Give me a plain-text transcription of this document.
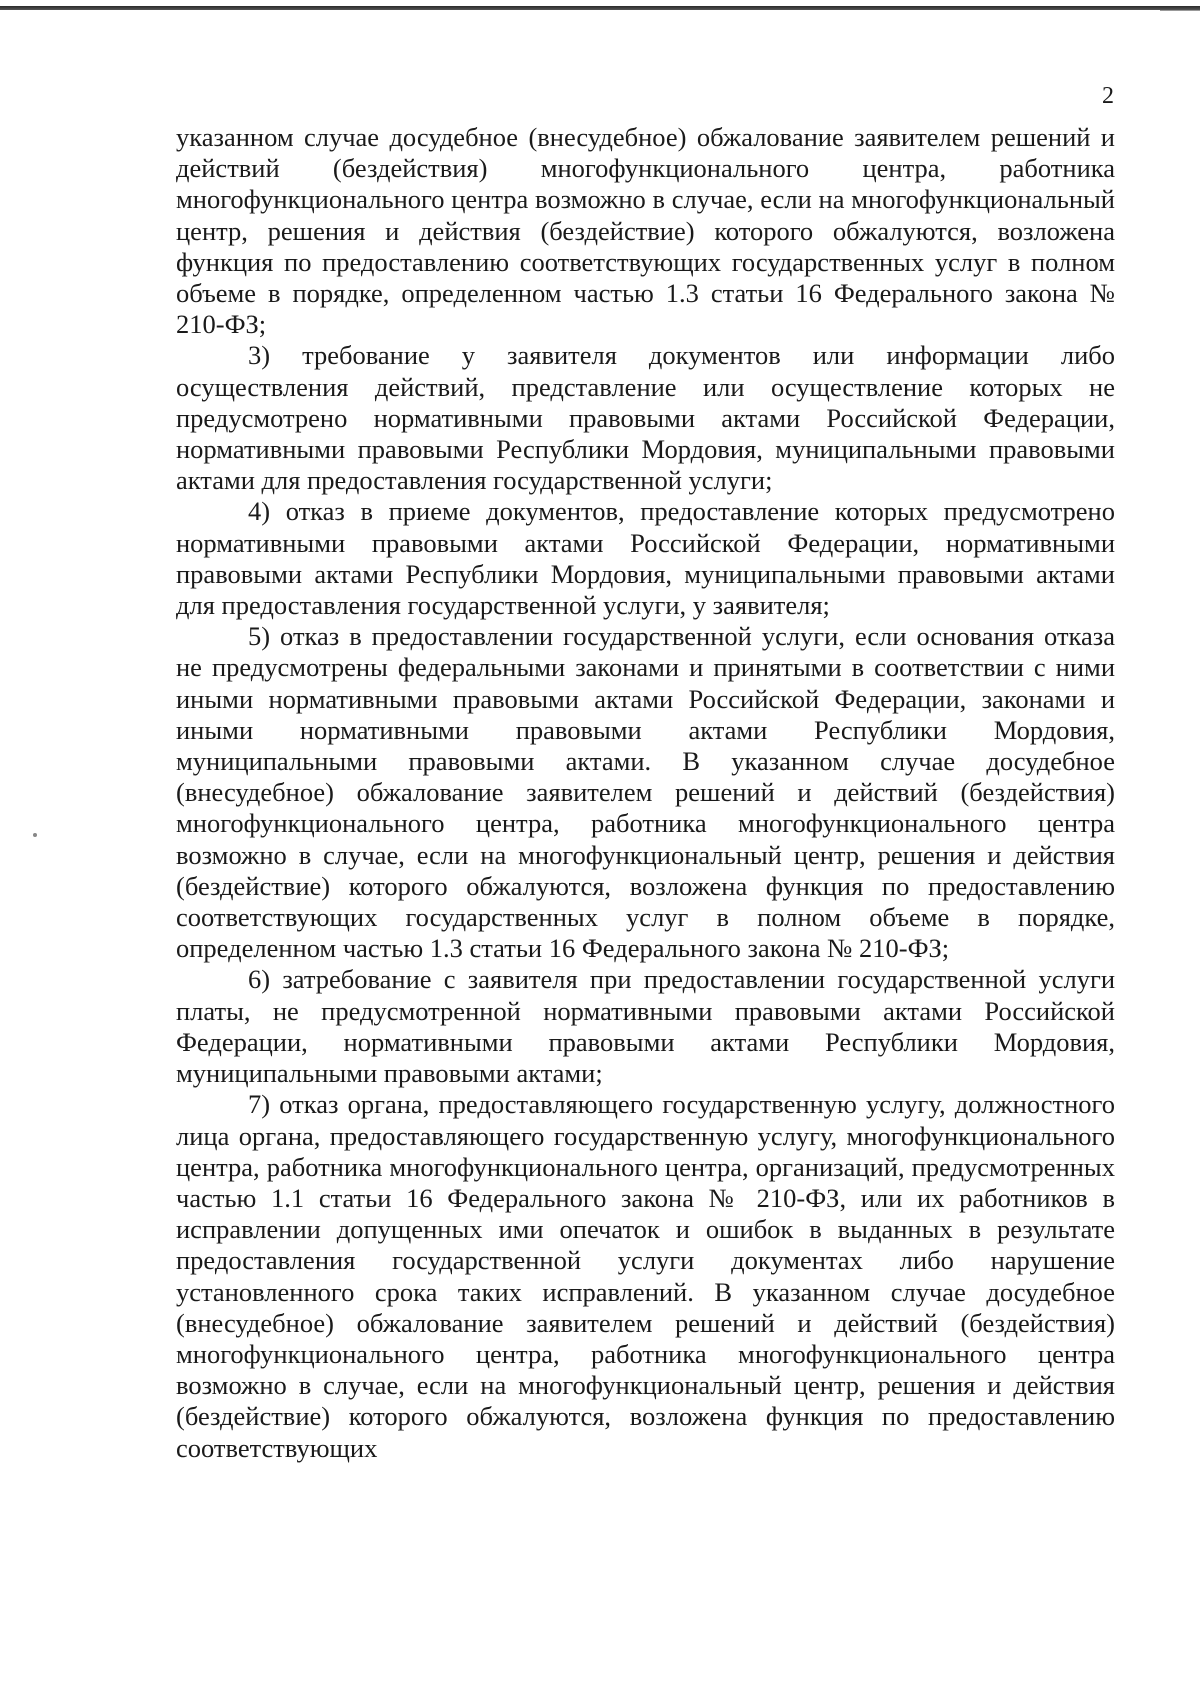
2

указанном случае досудебное (внесудебное) обжалование заявителем решений и действий (бездействия) многофункционального центра, работника многофункционального центра возможно в случае, если на многофункциональный центр, решения и действия (бездействие) которого обжалуются, возложена функция по предоставлению соответствующих государственных услуг в полном объеме в порядке, определенном частью 1.3 статьи 16 Федерального закона № 210-ФЗ;

3) требование у заявителя документов или информации либо осуществления действий, представление или осуществление которых не предусмотрено нормативными правовыми актами Российской Федерации, нормативными правовыми Республики Мордовия, муниципальными правовыми актами для предоставления государственной услуги;

4) отказ в приеме документов, предоставление которых предусмотрено нормативными правовыми актами Российской Федерации, нормативными правовыми актами Республики Мордовия, муниципальными правовыми актами для предоставления государственной услуги, у заявителя;

5) отказ в предоставлении государственной услуги, если основания отказа не предусмотрены федеральными законами и принятыми в соответствии с ними иными нормативными правовыми актами Российской Федерации, законами и иными нормативными правовыми актами Республики Мордовия, муниципальными правовыми актами. В указанном случае досудебное (внесудебное) обжалование заявителем решений и действий (бездействия) многофункционального центра, работника многофункционального центра возможно в случае, если на многофункциональный центр, решения и действия (бездействие) которого обжалуются, возложена функция по предоставлению соответствующих государственных услуг в полном объеме в порядке, определенном частью 1.3 статьи 16 Федерального закона № 210-ФЗ;

6) затребование с заявителя при предоставлении государственной услуги платы, не предусмотренной нормативными правовыми актами Российской Федерации, нормативными правовыми актами Республики Мордовия, муниципальными правовыми актами;

7) отказ органа, предоставляющего государственную услугу, должностного лица органа, предоставляющего государственную услугу, многофункционального центра, работника многофункционального центра, организаций, предусмотренных частью 1.1 статьи 16 Федерального закона № 210-ФЗ, или их работников в исправлении допущенных ими опечаток и ошибок в выданных в результате предоставления государственной услуги документах либо нарушение установленного срока таких исправлений. В указанном случае досудебное (внесудебное) обжалование заявителем решений и действий (бездействия) многофункционального центра, работника многофункционального центра возможно в случае, если на многофункциональный центр, решения и действия (бездействие) которого обжалуются, возложена функция по предоставлению соответствующих
